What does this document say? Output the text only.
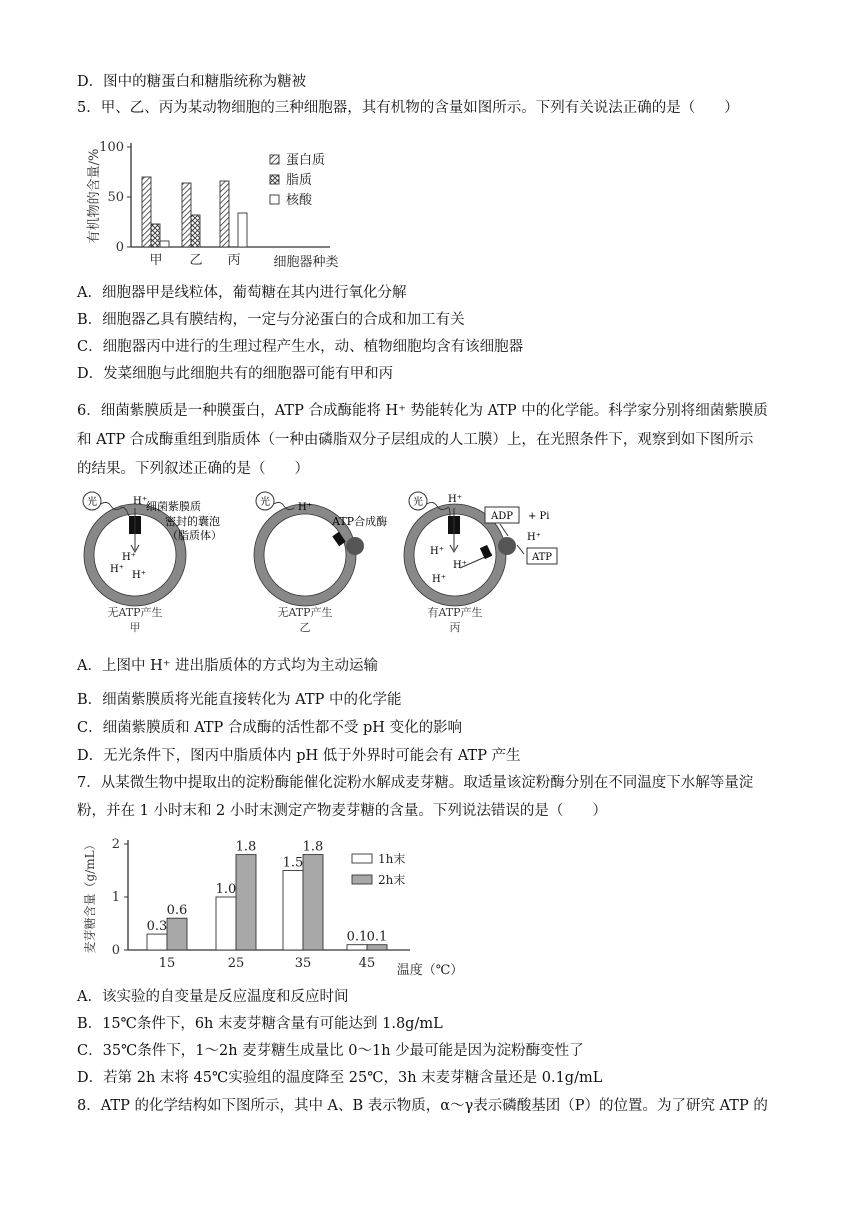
D．图中的糖蛋白和糖脂统称为糖被
5．甲、乙、丙为某动物细胞的三种细胞器，其有机物的含量如图所示。下列有关说法正确的是（　　）
有机物的含量/%
0
50
100
甲 乙 丙
蛋白质
脂质
核酸
细胞器种类
A．细胞器甲是线粒体，葡萄糖在其内进行氧化分解
B．细胞器乙具有膜结构，一定与分泌蛋白的合成和加工有关
C．细胞器丙中进行的生理过程产生水，动、植物细胞均含有该细胞器
D．发菜细胞与此细胞共有的细胞器可能有甲和丙
6．细菌紫膜质是一种膜蛋白，ATP 合成酶能将 H⁺ 势能转化为 ATP 中的化学能。科学家分别将细菌紫膜质
和 ATP 合成酶重组到脂质体（一种由磷脂双分子层组成的人工膜）上，在光照条件下，观察到如下图所示
的结果。下列叙述正确的是（　　）
光	H⁺ 细菌紫膜质
密封的囊泡
（脂质体）
H⁺
H⁺
H⁺
无ATP产生
甲
光	H⁺
ATP合成酶
无ATP产生
乙
光	H⁺
H⁺
H⁺
H⁺
ADP + Pi
H⁺
ATP
有ATP产生
丙
A．上图中 H⁺ 进出脂质体的方式均为主动运输
B．细菌紫膜质将光能直接转化为 ATP 中的化学能
C．细菌紫膜质和 ATP 合成酶的活性都不受 pH 变化的影响
D．无光条件下，图丙中脂质体内 pH 低于外界时可能会有 ATP 产生
7．从某微生物中提取出的淀粉酶能催化淀粉水解成麦芽糖。取适量该淀粉酶分别在不同温度下水解等量淀
粉，并在 1 小时末和 2 小时末测定产物麦芽糖的含量。下列说法错误的是（　　）
麦芽糖含量（g/mL） 0
1
2
0.3
0.6
15
1.0
1.8
25
1.5
1.8
35
0.1 0.1
45
1h末
2h末
温度（℃）
A．该实验的自变量是反应温度和反应时间
B．15℃条件下，6h 末麦芽糖含量有可能达到 1.8g/mL
C．35℃条件下，1～2h 麦芽糖生成量比 0～1h 少最可能是因为淀粉酶变性了
D．若第 2h 末将 45℃实验组的温度降至 25℃，3h 末麦芽糖含量还是 0.1g/mL
8．ATP 的化学结构如下图所示，其中 A、B 表示物质，α～γ表示磷酸基团（P）的位置。为了研究 ATP 的
